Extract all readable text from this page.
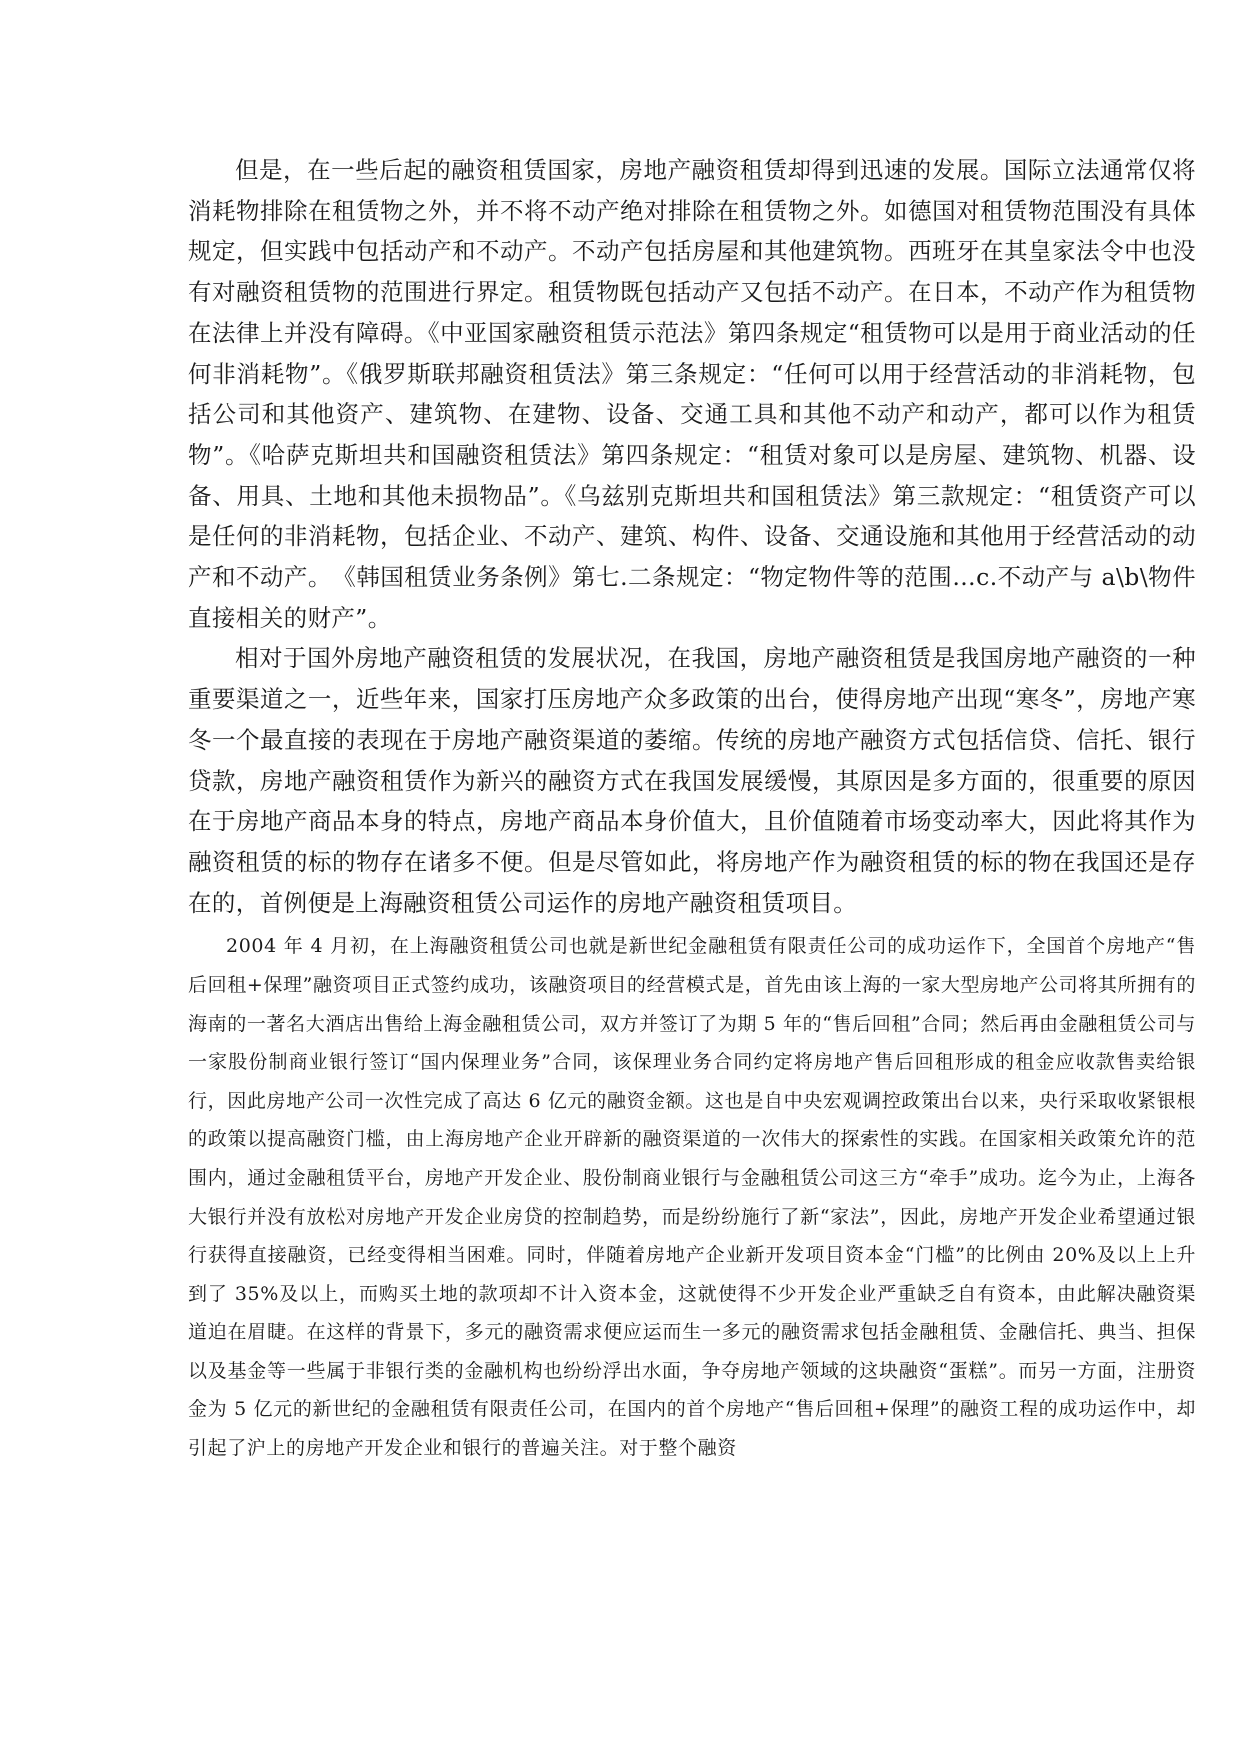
但是，在一些后起的融资租赁国家，房地产融资租赁却得到迅速的发展。国际立法通常仅将消耗物排除在租赁物之外，并不将不动产绝对排除在租赁物之外。如德国对租赁物范围没有具体规定，但实践中包括动产和不动产。不动产包括房屋和其他建筑物。西班牙在其皇家法令中也没有对融资租赁物的范围进行界定。租赁物既包括动产又包括不动产。在日本，不动产作为租赁物在法律上并没有障碍。《中亚国家融资租赁示范法》第四条规定“租赁物可以是用于商业活动的任何非消耗物”。《俄罗斯联邦融资租赁法》第三条规定：“任何可以用于经营活动的非消耗物，包括公司和其他资产、建筑物、在建物、设备、交通工具和其他不动产和动产，都可以作为租赁物”。《哈萨克斯坦共和国融资租赁法》第四条规定：“租赁对象可以是房屋、建筑物、机器、设备、用具、土地和其他未损物品”。《乌兹别克斯坦共和国租赁法》第三款规定：“租赁资产可以是任何的非消耗物，包括企业、不动产、建筑、构件、设备、交通设施和其他用于经营活动的动产和不动产。　《韩国租赁业务条例》第七.二条规定：“物定物件等的范围…c.不动产与 a\b\物件直接相关的财产”。

相对于国外房地产融资租赁的发展状况，在我国，房地产融资租赁是我国房地产融资的一种重要渠道之一，近些年来，国家打压房地产众多政策的出台，使得房地产出现“寒冬”，房地产寒冬一个最直接的表现在于房地产融资渠道的萎缩。传统的房地产融资方式包括信贷、信托、银行贷款，房地产融资租赁作为新兴的融资方式在我国发展缓慢，其原因是多方面的，很重要的原因在于房地产商品本身的特点，房地产商品本身价值大，且价值随着市场变动率大，因此将其作为融资租赁的标的物存在诸多不便。但是尽管如此，将房地产作为融资租赁的标的物在我国还是存在的，首例便是上海融资租赁公司运作的房地产融资租赁项目。

2004 年 4 月初，在上海融资租赁公司也就是新世纪金融租赁有限责任公司的成功运作下，全国首个房地产“售后回租+保理”融资项目正式签约成功，该融资项目的经营模式是，首先由该上海的一家大型房地产公司将其所拥有的海南的一著名大酒店出售给上海金融租赁公司，双方并签订了为期 5 年的“售后回租”合同；然后再由金融租赁公司与一家股份制商业银行签订“国内保理业务”合同，该保理业务合同约定将房地产售后回租形成的租金应收款售卖给银行，因此房地产公司一次性完成了高达 6 亿元的融资金额。这也是自中央宏观调控政策出台以来，央行采取收紧银根的政策以提高融资门槛，由上海房地产企业开辟新的融资渠道的一次伟大的探索性的实践。在国家相关政策允许的范围内，通过金融租赁平台，房地产开发企业、股份制商业银行与金融租赁公司这三方“牵手”成功。迄今为止，上海各大银行并没有放松对房地产开发企业房贷的控制趋势，而是纷纷施行了新“家法”，因此，房地产开发企业希望通过银行获得直接融资，已经变得相当困难。同时，伴随着房地产企业新开发项目资本金“门槛”的比例由 20%及以上上升到了 35%及以上，而购买土地的款项却不计入资本金，这就使得不少开发企业严重缺乏自有资本，由此解决融资渠道迫在眉睫。在这样的背景下，多元的融资需求便应运而生一多元的融资需求包括金融租赁、金融信托、典当、担保以及基金等一些属于非银行类的金融机构也纷纷浮出水面，争夺房地产领域的这块融资“蛋糕”。而另一方面，注册资金为 5 亿元的新世纪的金融租赁有限责任公司，在国内的首个房地产“售后回租+保理”的融资工程的成功运作中，却引起了沪上的房地产开发企业和银行的普遍关注。对于整个融资
